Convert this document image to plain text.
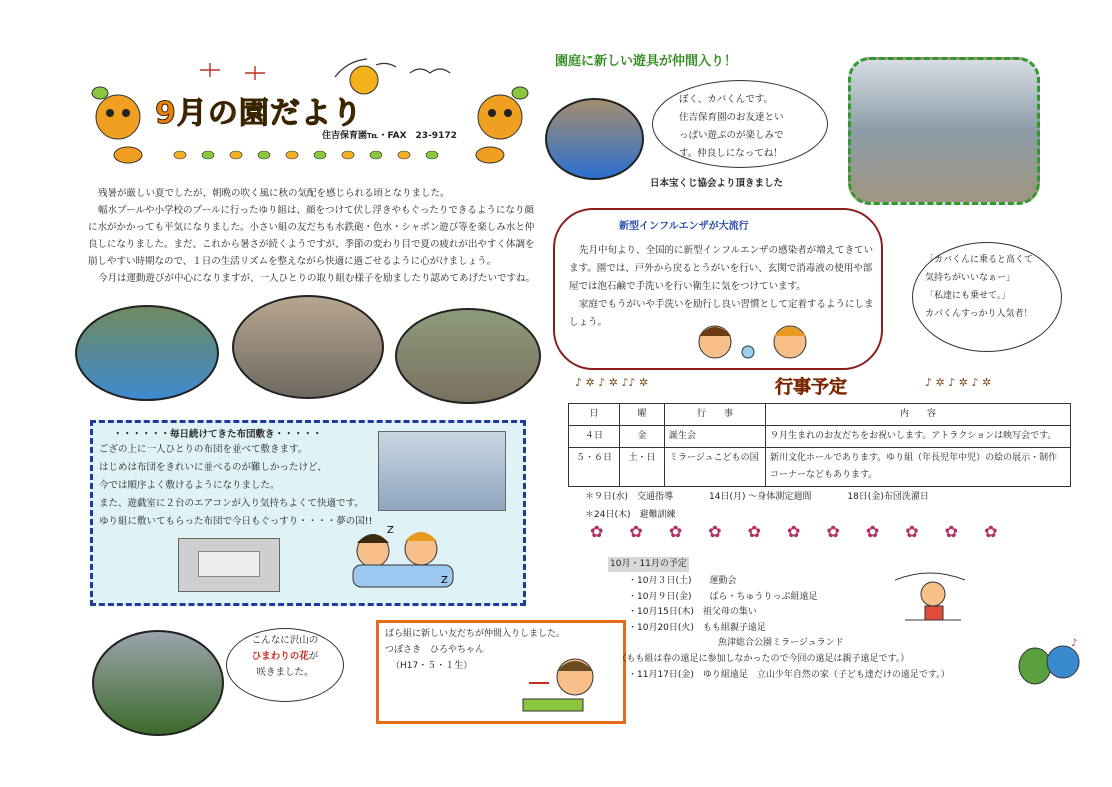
9月の園だより
住吉保育園℡・FAX　23-9172

残暑が厳しい夏でしたが、朝晩の吹く風に秋の気配を感じられる頃となりました。

幅水プールや小学校のプールに行ったゆり組は、顔をつけて伏し浮きやもぐったりできるようになり顔に水がかかっても平気になりました。小さい組の友だちも水鉄砲・色水・シャボン遊び等を楽しみ水と仲良しになりました。まだ、これから暑さが続くようですが、季節の変わり目で夏の疲れが出やすく体調を崩しやすい時期なので、１日の生活リズムを整えながら快適に過ごせるように心がけましょう。

今月は運動遊びが中心になりますが、一人ひとりの取り組む様子を励ましたり認めてあげたいですね。

・・・・・・毎日続けてきた布団敷き・・・・・
ござの上に一人ひとりの布団を並べて敷きます。
はじめは布団をきれいに並べるのが難しかったけど、
今では順序よく敷けるようになりました。
また、遊戯室に２台のエアコンが入り気持ちよくて快適です。
ゆり組に敷いてもらった布団で今日もぐっすり・・・・夢の国!!
Z
Z
こんなに沢山の
ひまわりの花が
咲きました。
ばら組に新しい友だちが仲間入りしました。
つぼさき　ひろやちゃん
（H17・５・１生）
園庭に新しい遊具が仲間入り！
ぼく、カバくんです。
住吉保育園のお友達とい
っぱい遊ぶのが楽しみで
す。仲良しになってね！
日本宝くじ協会より頂きました
新型インフルエンザが大流行

先月中旬より、全国的に新型インフルエンザの感染者が増えてきています。園では、戸外から戻るとうがいを行い、玄関で消毒液の使用や部屋では泡石鹸で手洗いを行い衛生に気をつけています。

家庭でもうがいや手洗いを励行し良い習慣として定着するようにしましょう。

「カバくんに乗ると高くて
気持ちがいいなぁー」
「私達にも乗せて。」
カバくんすっかり人気者！
♪ ✲ ♪ ✲ ♪♪ ✲	行事予定	♪ ✲ ♪ ✲ ♪ ✲
日	曜	行　　事	内　　容
４日	金	誕生会	９月生まれのお友だちをお祝いします。アトラクションは映写会です。
５・６日	土・日	ミラージュこどもの国	新川文化ホールであります。ゆり組（年長児年中児）の絵の展示・制作コーナーなどもあります。
＊９日(水)　交通指導　　　　14日(月) ～身体測定週間　　　　18日(金)布団洗濯日
＊24日(木)　避難訓練
✿✿✿✿✿✿✿✿✿✿✿
10月・11月の予定
・10月３日(土)　　運動会
・10月９日(金)　　ばら・ちゅうりっぷ組遠足
・10月15日(木)　祖父母の集い
・10月20日(火)　もも組親子遠足
　　　　　　　　　　魚津総合公園ミラージュランド
　　　　　　（もも組は春の遠足に参加しなかったので今回の遠足は親子遠足です。）
・11月17日(金)　ゆり組遠足　立山少年自然の家（子ども達だけの遠足です。）
♪
